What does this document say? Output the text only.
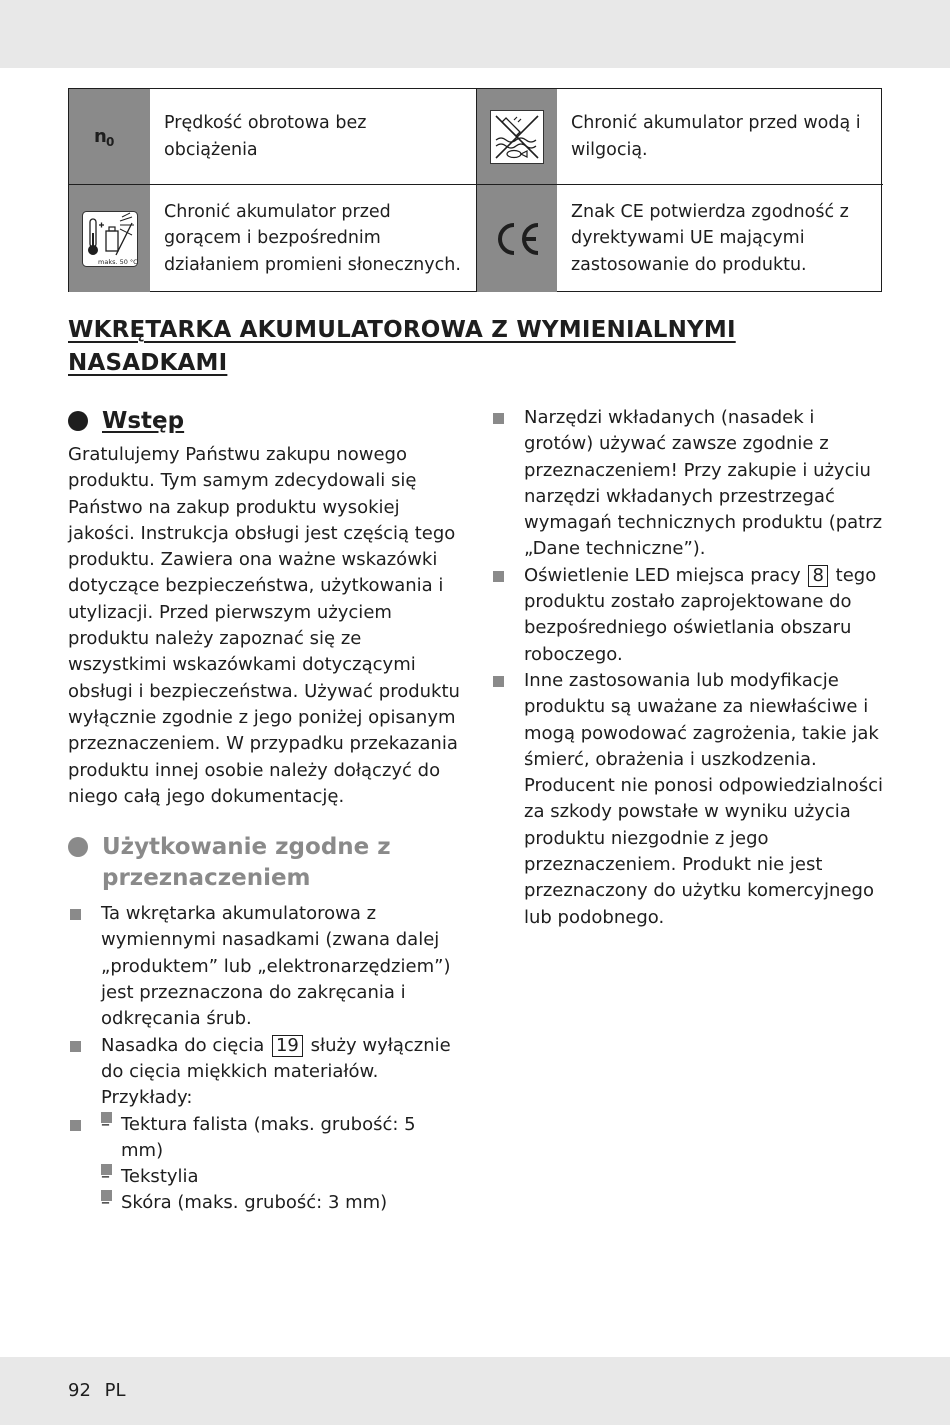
n 0
Prędkość obrotowa bez obciążenia
Chronić akumulator przed wodą i wilgocią.
maks. 50 °C
Chronić akumulator przed gorącem i bezpośrednim działaniem promieni słonecznych.
Znak CE potwierdza zgodność z dyrektywami UE mającymi zastosowanie do produktu.
WKRĘTARKA AKUMULATOROWA Z WYMIENIALNYMI NASADKAMI
Wstęp

Gratulujemy Państwu zakupu nowego produktu. Tym samym zdecydowali się Państwo na zakup produktu wysokiej jakości. Instrukcja obsługi jest częścią tego produktu. Zawiera ona ważne wskazówki dotyczące bezpieczeństwa, użytkowania i utylizacji. Przed pierwszym użyciem produktu należy zapoznać się ze wszystkimi wskazówkami dotyczącymi obsługi i bezpieczeństwa. Używać produktu wyłącznie zgodnie z jego poniżej opisanym przeznaczeniem. W przypadku przekazania produktu innej osobie należy dołączyć do niego całą jego dokumentację.

Użytkowanie zgodne z przeznaczeniem
Ta wkrętarka akumulatorowa z wymiennymi nasadkami (zwana dalej „produktem” lub „elektronarzędziem”) jest przeznaczona do zakręcania i odkręcania śrub.
Nasadka do cięcia 19 służy wyłącznie do cięcia miękkich materiałów. Przykłady:
– Tektura falista (maks. grubość: 5 mm)
– Tekstylia
– Skóra (maks. grubość: 3 mm)
Narzędzi wkładanych (nasadek i grotów) używać zawsze zgodnie z przeznaczeniem! Przy zakupie i użyciu narzędzi wkładanych przestrzegać wymagań technicznych produktu (patrz „Dane techniczne”).
Oświetlenie LED miejsca pracy 8 tego produktu zostało zaprojektowane do bezpośredniego oświetlania obszaru roboczego.
Inne zastosowania lub modyfikacje produktu są uważane za niewłaściwe i mogą powodować zagrożenia, takie jak śmierć, obrażenia i uszkodzenia. Producent nie ponosi odpowiedzialności za szkody powstałe w wyniku użycia produktu niezgodnie z jego przeznaczeniem. Produkt nie jest przeznaczony do użytku komercyjnego lub podobnego.
92 PL
